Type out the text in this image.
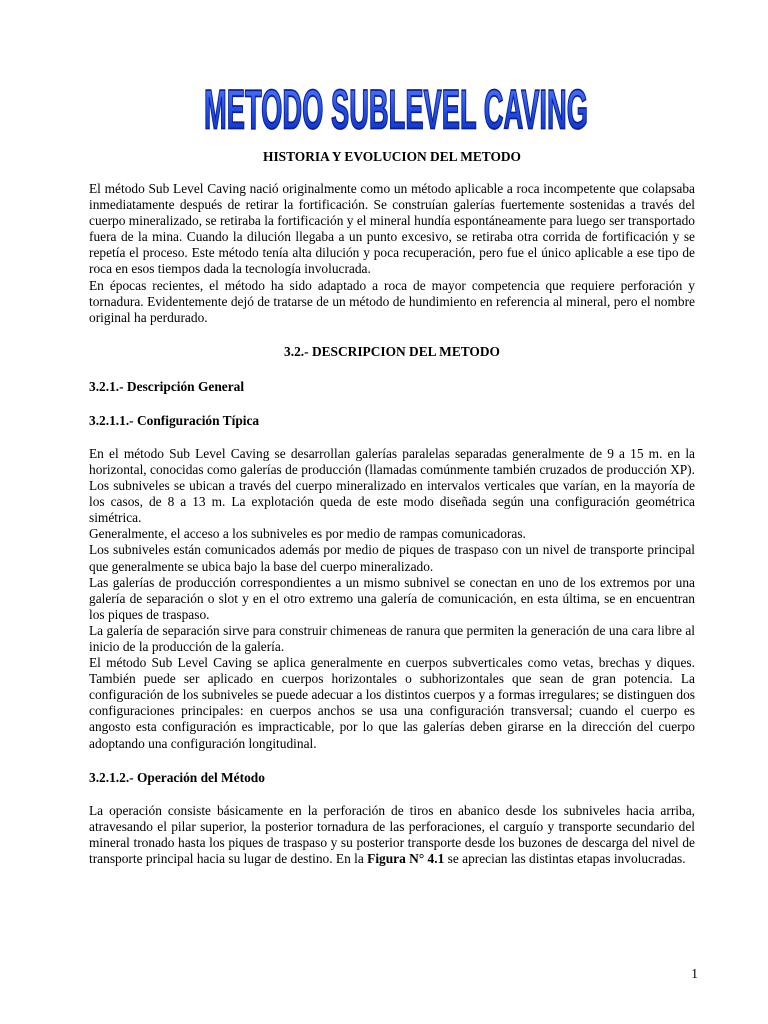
METODO SUBLEVEL CAVING

HISTORIA Y EVOLUCION DEL METODO

El método Sub Level Caving nació originalmente como un método aplicable a roca incompetente que colapsaba inmediatamente después de retirar la fortificación. Se construían galerías fuertemente sostenidas a través del cuerpo mineralizado, se retiraba la fortificación y el mineral hundía espontáneamente para luego ser transportado fuera de la mina. Cuando la dilución llegaba a un punto excesivo, se retiraba otra corrida de fortificación y se repetía el proceso. Este método tenía alta dilución y poca recuperación, pero fue el único aplicable a ese tipo de roca en esos tiempos dada la tecnología involucrada.

En épocas recientes, el método ha sido adaptado a roca de mayor competencia que requiere perforación y tornadura. Evidentemente dejó de tratarse de un método de hundimiento en referencia al mineral, pero el nombre original ha perdurado.

3.2.- DESCRIPCION DEL METODO

3.2.1.- Descripción General

3.2.1.1.- Configuración Típica

En el método Sub Level Caving se desarrollan galerías paralelas separadas generalmente de 9 a 15 m. en la horizontal, conocidas como galerías de producción (llamadas comúnmente también cruzados de producción XP). Los subniveles se ubican a través del cuerpo mineralizado en intervalos verticales que varían, en la mayoría de los casos, de 8 a 13 m. La explotación queda de este modo diseñada según una configuración geométrica simétrica.

Generalmente, el acceso a los subniveles es por medio de rampas comunicadoras.

Los subniveles están comunicados además por medio de piques de traspaso con un nivel de transporte principal que generalmente se ubica bajo la base del cuerpo mineralizado.

Las galerías de producción correspondientes a un mismo subnivel se conectan en uno de los extremos por una galería de separación o slot y en el otro extremo una galería de comunicación, en esta última, se en encuentran los piques de traspaso.

La galería de separación sirve para construir chimeneas de ranura que permiten la generación de una cara libre al inicio de la producción de la galería.

El método Sub Level Caving se aplica generalmente en cuerpos subverticales como vetas, brechas y diques. También puede ser aplicado en cuerpos horizontales o subhorizontales que sean de gran potencia. La configuración de los subniveles se puede adecuar a los distintos cuerpos y a formas irregulares; se distinguen dos configuraciones principales: en cuerpos anchos se usa una configuración transversal; cuando el cuerpo es angosto esta configuración es impracticable, por lo que las galerías deben girarse en la dirección del cuerpo adoptando una configuración longitudinal.

3.2.1.2.- Operación del Método

La operación consiste básicamente en la perforación de tiros en abanico desde los subniveles hacia arriba, atravesando el pilar superior, la posterior tornadura de las perforaciones, el carguío y transporte secundario del mineral tronado hasta los piques de traspaso y su posterior transporte desde los buzones de descarga del nivel de transporte principal hacia su lugar de destino. En la Figura N° 4.1 se aprecian las distintas etapas involucradas.

1
